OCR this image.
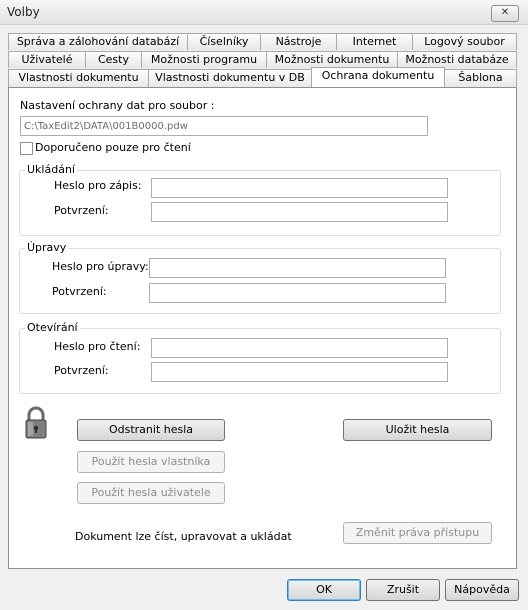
Volby	✕
Správa a zálohování databází	Číselníky	Nástroje	Internet	Logový soubor
Uživatelé	Cesty	Možnosti programu	Možnosti dokumentu	Možnosti databáze
Vlastnosti dokumentu	Vlastnosti dokumentu v DB	Ochrana dokumentu	Šablona
Nastavení ochrany dat pro soubor :
C:\TaxEdit2\DATA\001B0000.pdw
Doporučeno pouze pro čtení
Ukládání
Heslo pro zápis:
Potvrzení:
Úpravy
Heslo pro úpravy:
Potvrzení:
Otevírání
Heslo pro čtení:
Potvrzení:
Odstranit hesla	Uložit hesla
Použít hesla vlastníka
Použít hesla uživatele
Dokument lze číst, upravovat a ukládat	Změnit práva přístupu
OK	Zrušit	Nápověda
